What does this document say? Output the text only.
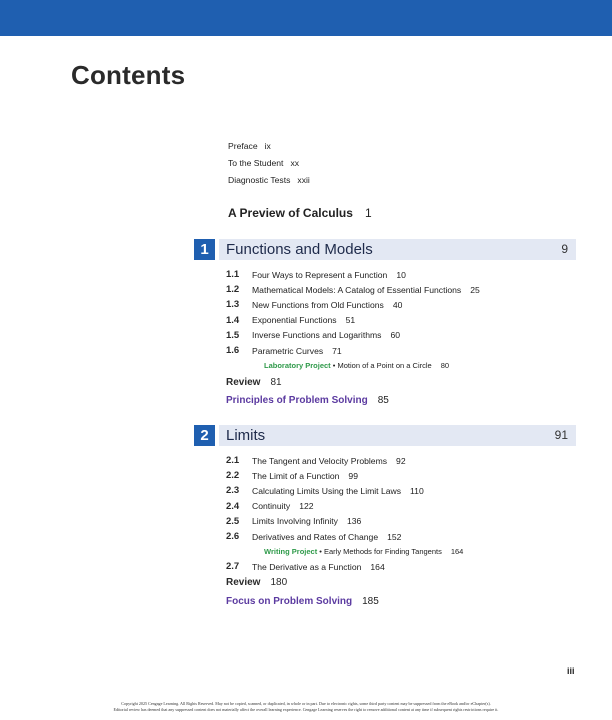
Contents
Preface ix
To the Student xx
Diagnostic Tests xxii
A Preview of Calculus 1
1	Functions and Models	9
1.1	Four Ways to Represent a Function 10
1.2	Mathematical Models: A Catalog of Essential Functions 25
1.3	New Functions from Old Functions 40
1.4	Exponential Functions 51
1.5	Inverse Functions and Logarithms 60
1.6	Parametric Curves 71
Laboratory Project • Motion of a Point on a Circle 80
Review 81
Principles of Problem Solving 85
2	Limits	91
2.1	The Tangent and Velocity Problems 92
2.2	The Limit of a Function 99
2.3	Calculating Limits Using the Limit Laws 110
2.4	Continuity 122
2.5	Limits Involving Infinity 136
2.6	Derivatives and Rates of Change 152
Writing Project • Early Methods for Finding Tangents 164
2.7	The Derivative as a Function 164
Review 180
Focus on Problem Solving 185
iii
Copyright 2025 Cengage Learning. All Rights Reserved. May not be copied, scanned, or duplicated, in whole or in part. Due to electronic rights, some third party content may be suppressed from the eBook and/or eChapter(s).
Editorial review has deemed that any suppressed content does not materially affect the overall learning experience. Cengage Learning reserves the right to remove additional content at any time if subsequent rights restrictions require it.
